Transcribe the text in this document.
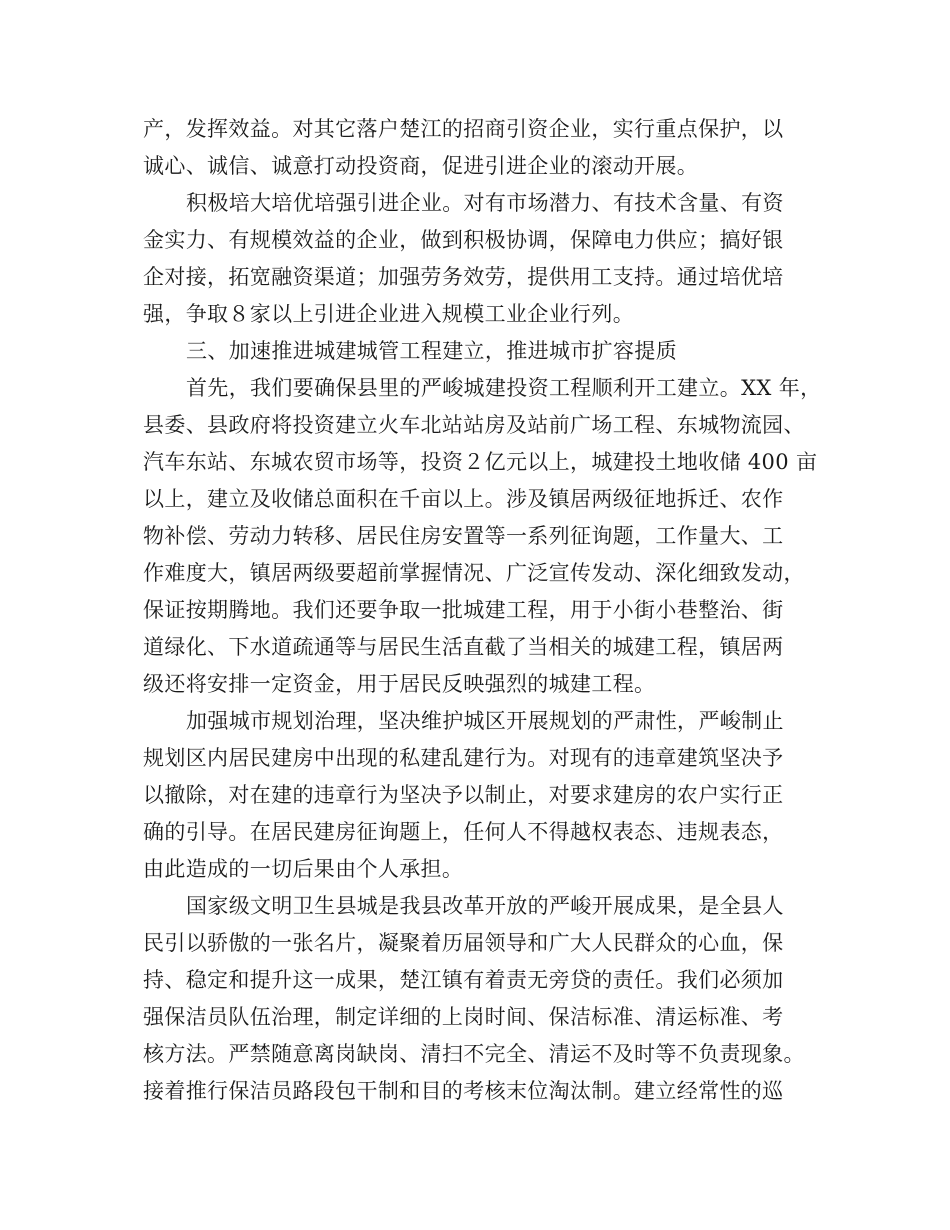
产，发挥效益。对其它落户楚江的招商引资企业，实行重点保护，以
诚心、诚信、诚意打动投资商，促进引进企业的滚动开展。
积极培大培优培强引进企业。对有市场潜力、有技术含量、有资
金实力、有规模效益的企业，做到积极协调，保障电力供应；搞好银
企对接，拓宽融资渠道；加强劳务效劳，提供用工支持。通过培优培
强，争取８家以上引进企业进入规模工业企业行列。
三、加速推进城建城管工程建立，推进城市扩容提质
首先，我们要确保县里的严峻城建投资工程顺利开工建立。XX 年，
县委、县政府将投资建立火车北站站房及站前广场工程、东城物流园、
汽车东站、东城农贸市场等，投资２亿元以上，城建投土地收储 400 亩
以上，建立及收储总面积在千亩以上。涉及镇居两级征地拆迁、农作
物补偿、劳动力转移、居民住房安置等一系列征询题，工作量大、工
作难度大，镇居两级要超前掌握情况、广泛宣传发动、深化细致发动，
保证按期腾地。我们还要争取一批城建工程，用于小街小巷整治、街
道绿化、下水道疏通等与居民生活直截了当相关的城建工程，镇居两
级还将安排一定资金，用于居民反映强烈的城建工程。
加强城市规划治理，坚决维护城区开展规划的严肃性，严峻制止
规划区内居民建房中出现的私建乱建行为。对现有的违章建筑坚决予
以撤除，对在建的违章行为坚决予以制止，对要求建房的农户实行正
确的引导。在居民建房征询题上，任何人不得越权表态、违规表态，
由此造成的一切后果由个人承担。
国家级文明卫生县城是我县改革开放的严峻开展成果，是全县人
民引以骄傲的一张名片，凝聚着历届领导和广大人民群众的心血，保
持、稳定和提升这一成果，楚江镇有着责无旁贷的责任。我们必须加
强保洁员队伍治理，制定详细的上岗时间、保洁标准、清运标准、考
核方法。严禁随意离岗缺岗、清扫不完全、清运不及时等不负责现象。
接着推行保洁员路段包干制和目的考核末位淘汰制。建立经常性的巡
